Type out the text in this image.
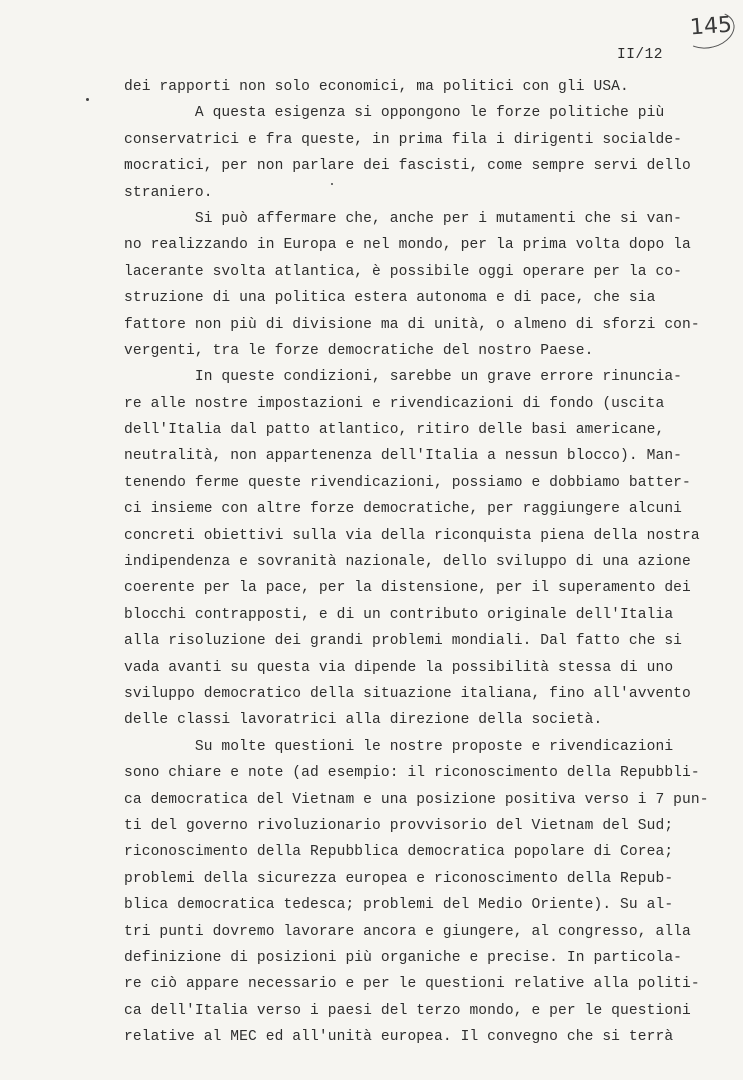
145
II/12
dei rapporti non solo economici, ma politici con gli USA.
A questa esigenza si oppongono le forze politiche più
conservatrici e fra queste, in prima fila i dirigenti socialde-
mocratici, per non parlare dei fascisti, come sempre servi dello
straniero.
Si può affermare che, anche per i mutamenti che si van-
no realizzando in Europa e nel mondo, per la prima volta dopo la
lacerante svolta atlantica, è possibile oggi operare per la co-
struzione di una politica estera autonoma e di pace, che sia
fattore non più di divisione ma di unità, o almeno di sforzi con-
vergenti, tra le forze democratiche del nostro Paese.
In queste condizioni, sarebbe un grave errore rinuncia-
re alle nostre impostazioni e rivendicazioni di fondo (uscita
dell'Italia dal patto atlantico, ritiro delle basi americane,
neutralità, non appartenenza dell'Italia a nessun blocco). Man-
tenendo ferme queste rivendicazioni, possiamo e dobbiamo batter-
ci insieme con altre forze democratiche, per raggiungere alcuni
concreti obiettivi sulla via della riconquista piena della nostra
indipendenza e sovranità nazionale, dello sviluppo di una azione
coerente per la pace, per la distensione, per il superamento dei
blocchi contrapposti, e di un contributo originale dell'Italia
alla risoluzione dei grandi problemi mondiali. Dal fatto che si
vada avanti su questa via dipende la possibilità stessa di uno
sviluppo democratico della situazione italiana, fino all'avvento
delle classi lavoratrici alla direzione della società.
Su molte questioni le nostre proposte e rivendicazioni
sono chiare e note (ad esempio: il riconoscimento della Repubbli-
ca democratica del Vietnam e una posizione positiva verso i 7 pun-
ti del governo rivoluzionario provvisorio del Vietnam del Sud;
riconoscimento della Repubblica democratica popolare di Corea;
problemi della sicurezza europea e riconoscimento della Repub-
blica democratica tedesca; problemi del Medio Oriente). Su al-
tri punti dovremo lavorare ancora e giungere, al congresso, alla
definizione di posizioni più organiche e precise. In particola-
re ciò appare necessario e per le questioni relative alla politi-
ca dell'Italia verso i paesi del terzo mondo, e per le questioni
relative al MEC ed all'unità europea. Il convegno che si terrà
